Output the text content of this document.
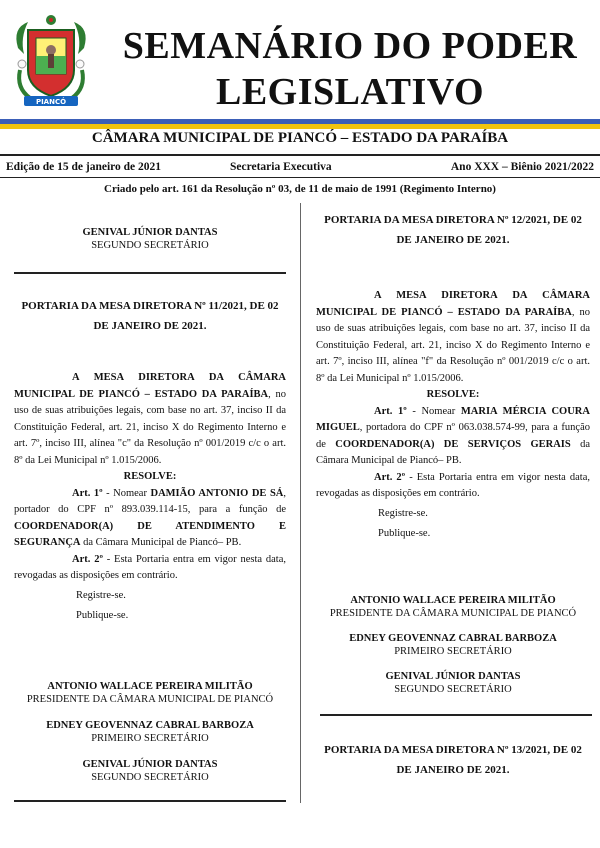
PIANCÓ
SEMANÁRIO DO PODER
LEGISLATIVO
CÂMARA MUNICIPAL DE PIANCÓ – ESTADO DA PARAÍBA
Edição de 15 de janeiro de 2021	Secretaria Executiva	Ano XXX – Biênio 2021/2022
Criado pelo art. 161 da Resolução nº 03, de 11 de maio de 1991 (Regimento Interno)
GENIVAL JÚNIOR DANTAS
SEGUNDO SECRETÁRIO
PORTARIA DA MESA DIRETORA Nº 11/2021, DE 02
DE JANEIRO DE 2021.

A MESA DIRETORA DA CÂMARA MUNICIPAL DE PIANCÓ – ESTADO DA PARAÍBA, no uso de suas atribuições legais, com base no art. 37, inciso II da Constituição Federal, art. 21, inciso X do Regimento Interno e art. 7º, inciso III, alínea "c" da Resolução nº 001/2019 c/c o art. 8º da Lei Municipal nº 1.015/2006.

RESOLVE:

Art. 1º - Nomear DAMIÃO ANTONIO DE SÁ, portador do CPF nº 893.039.114-15, para a função de COORDENADOR(A) DE ATENDIMENTO E SEGURANÇA da Câmara Municipal de Piancó– PB.

Art. 2º - Esta Portaria entra em vigor nesta data, revogadas as disposições em contrário.

Registre-se.
Publique-se.
ANTONIO WALLACE PEREIRA MILITÃO
PRESIDENTE DA CÂMARA MUNICIPAL DE PIANCÓ
EDNEY GEOVENNAZ CABRAL BARBOZA
PRIMEIRO SECRETÁRIO
GENIVAL JÚNIOR DANTAS
SEGUNDO SECRETÁRIO
PORTARIA DA MESA DIRETORA Nº 12/2021, DE 02
DE JANEIRO DE 2021.

A MESA DIRETORA DA CÂMARA MUNICIPAL DE PIANCÓ – ESTADO DA PARAÍBA, no uso de suas atribuições legais, com base no art. 37, inciso II da Constituição Federal, art. 21, inciso X do Regimento Interno e art. 7º, inciso III, alínea "f" da Resolução nº 001/2019 c/c o art. 8º da Lei Municipal nº 1.015/2006.

RESOLVE:

Art. 1º - Nomear MARIA MÉRCIA COURA MIGUEL, portadora do CPF nº 063.038.574-99, para a função de COORDENADOR(A) DE SERVIÇOS GERAIS da Câmara Municipal de Piancó– PB.

Art. 2º - Esta Portaria entra em vigor nesta data, revogadas as disposições em contrário.

Registre-se.
Publique-se.
ANTONIO WALLACE PEREIRA MILITÃO
PRESIDENTE DA CÂMARA MUNICIPAL DE PIANCÓ
EDNEY GEOVENNAZ CABRAL BARBOZA
PRIMEIRO SECRETÁRIO
GENIVAL JÚNIOR DANTAS
SEGUNDO SECRETÁRIO
PORTARIA DA MESA DIRETORA Nº 13/2021, DE 02
DE JANEIRO DE 2021.
